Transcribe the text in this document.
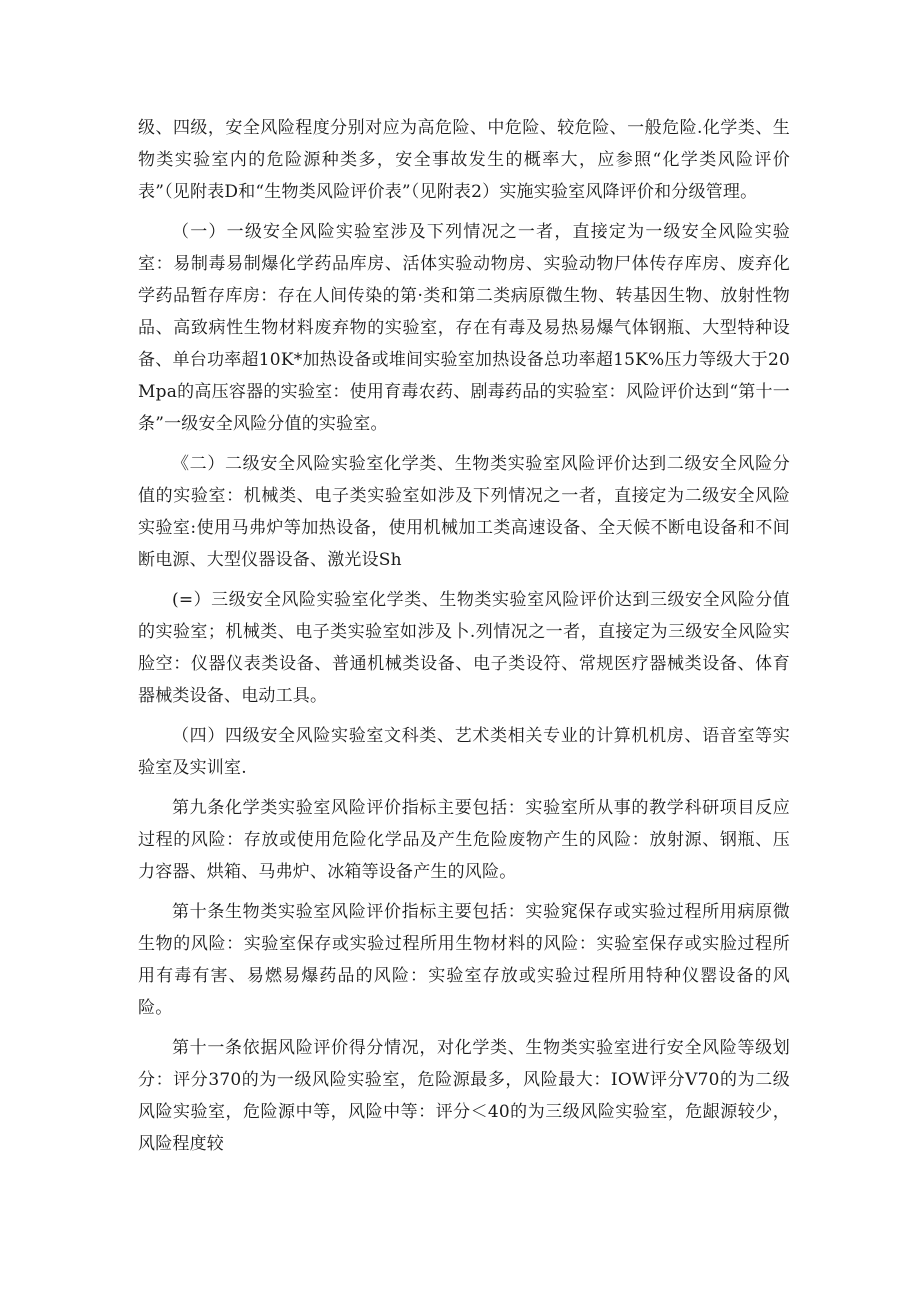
级、四级，安全风险程度分别对应为高危险、中危险、较危险、一般危险.化学类、生物类实验室内的危险源种类多，安全事故发生的概率大，应参照“化学类风险评价表”（见附表D和“生物类风险评价表”（见附表2）实施实验室风降评价和分级管理。

（一）一级安全风险实验室涉及下列情况之一者，直接定为一级安全风险实验室：易制毒易制爆化学药品库房、活体实验动物房、实验动物尸体传存库房、废弃化学药品暂存库房：存在人间传染的第·类和第二类病原微生物、转基因生物、放射性物品、高致病性生物材料废弃物的实验室，存在有毒及易热易爆气体钢瓶、大型特种设备、单台功率超10K*加热设备或堆间实验室加热设备总功率超15K%压力等级大于20Mpa的高压容器的实验室：使用育毒农药、剧毒药品的实验室：风险评价达到“第十一条”一级安全风险分值的实验室。

《二）二级安全风险实验室化学类、生物类实验室风险评价达到二级安全风险分值的实验室：机械类、电子类实验室如涉及下列情况之一者，直接定为二级安全风险实验室:使用马弗炉等加热设备，使用机械加工类高速设备、全天候不断电设备和不间断电源、大型仪器设备、激光设Sh

(=）三级安全风险实验室化学类、生物类实验室风险评价达到三级安全风险分值的实验室；机械类、电子类实验室如涉及卜.列情况之一者，直接定为三级安全风险实脸空：仪器仪表类设备、普通机械类设备、电子类设符、常规医疗器械类设备、体育器械类设备、电动工具。

（四）四级安全风险实验室文科类、艺术类相关专业的计算机机房、语音室等实验室及实训室.

第九条化学类实验室风险评价指标主要包括：实验室所从事的教学科研项目反应过程的风险：存放或使用危险化学品及产生危险废物产生的风险：放射源、钢瓶、压力容器、烘箱、马弗炉、冰箱等设备产生的风险。

第十条生物类实验室风险评价指标主要包括：实验窕保存或实验过程所用病原微生物的风险：实验室保存或实验过程所用生物材料的风险：实验室保存或实脸过程所用有毒有害、易燃易爆药品的风险：实验室存放或实验过程所用特种仪罂设备的风险。

第十一条依据风险评价得分情况，对化学类、生物类实验室进行安全风险等级划分：评分370的为一级风险实验室，危险源最多，风险最大：IOW评分V70的为二级风险实验室，危险源中等，风险中等：评分＜40的为三级风险实验室，危龈源较少，风险程度较
